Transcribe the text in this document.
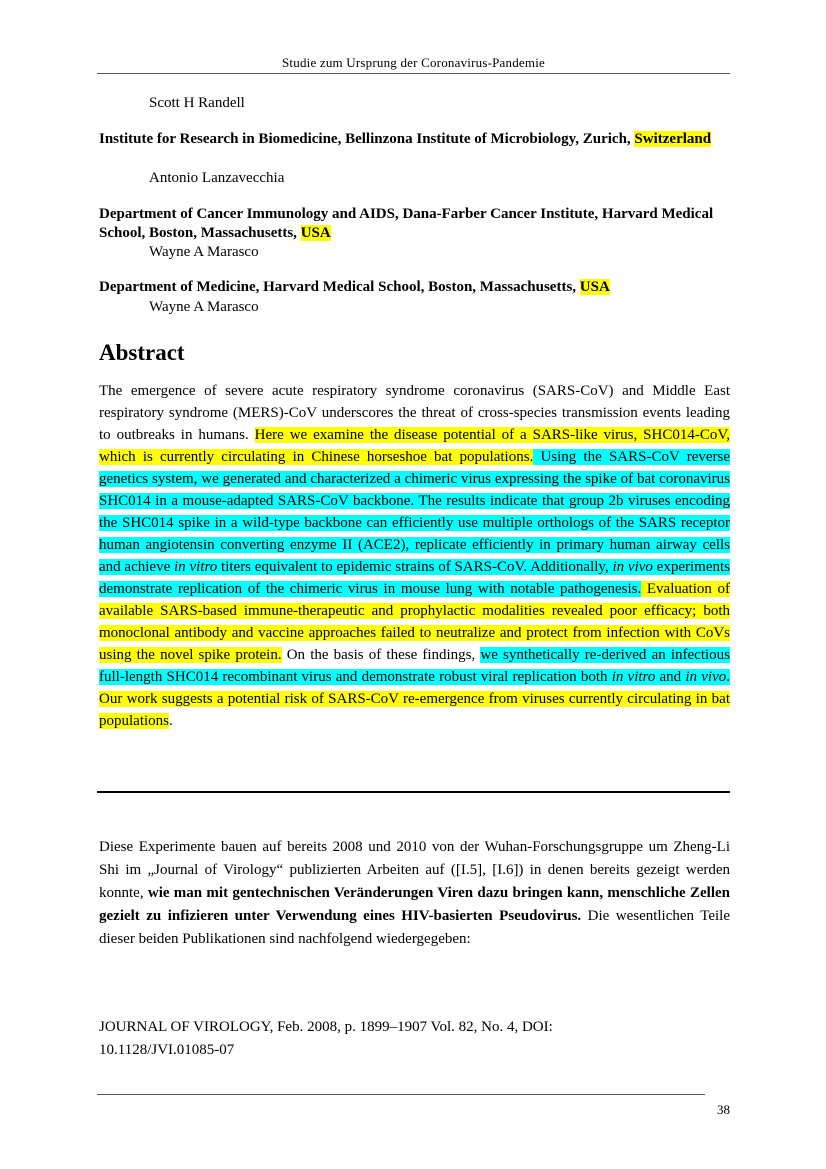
Studie zum Ursprung der Coronavirus-Pandemie
Scott H Randell
Institute for Research in Biomedicine, Bellinzona Institute of Microbiology, Zurich, Switzerland
Antonio Lanzavecchia
Department of Cancer Immunology and AIDS, Dana-Farber Cancer Institute, Harvard Medical School, Boston, Massachusetts, USA
Wayne A Marasco
Department of Medicine, Harvard Medical School, Boston, Massachusetts, USA
Wayne A Marasco
Abstract

The emergence of severe acute respiratory syndrome coronavirus (SARS-CoV) and Middle East respiratory syndrome (MERS)-CoV underscores the threat of cross-species transmission events leading to outbreaks in humans. Here we examine the disease potential of a SARS-like virus, SHC014-CoV, which is currently circulating in Chinese horseshoe bat populations. Using the SARS-CoV reverse genetics system, we generated and characterized a chimeric virus expressing the spike of bat coronavirus SHC014 in a mouse-adapted SARS-CoV backbone. The results indicate that group 2b viruses encoding the SHC014 spike in a wild-type backbone can efficiently use multiple orthologs of the SARS receptor human angiotensin converting enzyme II (ACE2), replicate efficiently in primary human airway cells and achieve in vitro titers equivalent to epidemic strains of SARS-CoV. Additionally, in vivo experiments demonstrate replication of the chimeric virus in mouse lung with notable pathogenesis. Evaluation of available SARS-based immune-therapeutic and prophylactic modalities revealed poor efficacy; both monoclonal antibody and vaccine approaches failed to neutralize and protect from infection with CoVs using the novel spike protein. On the basis of these findings, we synthetically re-derived an infectious full-length SHC014 recombinant virus and demonstrate robust viral replication both in vitro and in vivo. Our work suggests a potential risk of SARS-CoV re-emergence from viruses currently circulating in bat populations.

Diese Experimente bauen auf bereits 2008 und 2010 von der Wuhan-Forschungsgruppe um Zheng-Li Shi im „Journal of Virology“ publizierten Arbeiten auf ([I.5], [I.6]) in denen bereits gezeigt werden konnte, wie man mit gentechnischen Veränderungen Viren dazu bringen kann, menschliche Zellen gezielt zu infizieren unter Verwendung eines HIV-basierten Pseudovirus. Die wesentlichen Teile dieser beiden Publikationen sind nachfolgend wiedergegeben:

JOURNAL OF VIROLOGY, Feb. 2008, p. 1899–1907 Vol. 82, No. 4, DOI:
10.1128/JVI.01085-07
38
